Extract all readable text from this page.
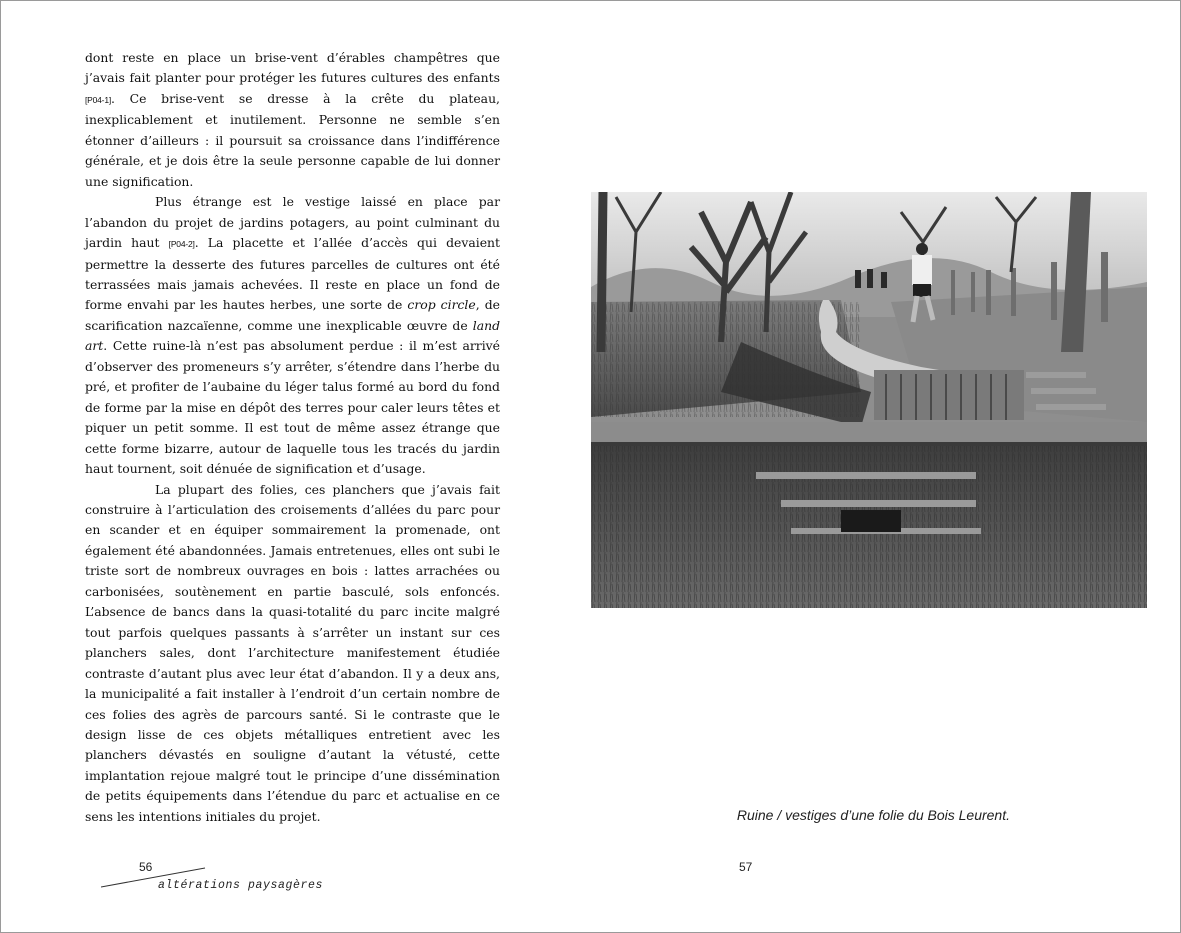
dont reste en place un brise-vent d’érables champêtres que j’avais fait planter pour protéger les futures cultures des enfants [P04-1]. Ce brise-vent se dresse à la crête du plateau, inexplicablement et inutilement. Personne ne semble s’en étonner d’ailleurs : il poursuit sa croissance dans l’indifférence générale, et je dois être la seule personne capable de lui donner une signification.

Plus étrange est le vestige laissé en place par l’abandon du projet de jardins potagers, au point culminant du jardin haut [P04-2]. La placette et l’allée d’accès qui devaient permettre la desserte des futures parcelles de cultures ont été terrassées mais jamais achevées. Il reste en place un fond de forme envahi par les hautes herbes, une sorte de crop circle, de scarification nazcaïenne, comme une inexplicable œuvre de land art. Cette ruine-là n’est pas absolument perdue : il m’est arrivé d’observer des promeneurs s’y arrêter, s’étendre dans l’herbe du pré, et profiter de l’aubaine du léger talus formé au bord du fond de forme par la mise en dépôt des terres pour caler leurs têtes et piquer un petit somme. Il est tout de même assez étrange que cette forme bizarre, autour de laquelle tous les tracés du jardin haut tournent, soit dénuée de signification et d’usage.

La plupart des folies, ces planchers que j’avais fait construire à l’articulation des croisements d’allées du parc pour en scander et en équiper sommairement la promenade, ont également été abandonnées. Jamais entretenues, elles ont subi le triste sort de nombreux ouvrages en bois : lattes arrachées ou carbonisées, soutènement en partie basculé, sols enfoncés. L’absence de bancs dans la quasi-totalité du parc incite malgré tout parfois quelques passants à s’arrêter un instant sur ces planchers sales, dont l’architecture manifestement étudiée contraste d’autant plus avec leur état d’abandon. Il y a deux ans, la municipalité a fait installer à l’endroit d’un certain nombre de ces folies des agrès de parcours santé. Si le contraste que le design lisse de ces objets métalliques entretient avec les planchers dévastés en souligne d’autant la vétusté, cette implantation rejoue malgré tout le principe d’une dissémination de petits équipements dans l’étendue du parc et actualise en ce sens les intentions initiales du projet.	Ruine / vestiges d’une folie du Bois Leurent.
56
altérations paysagères
57
